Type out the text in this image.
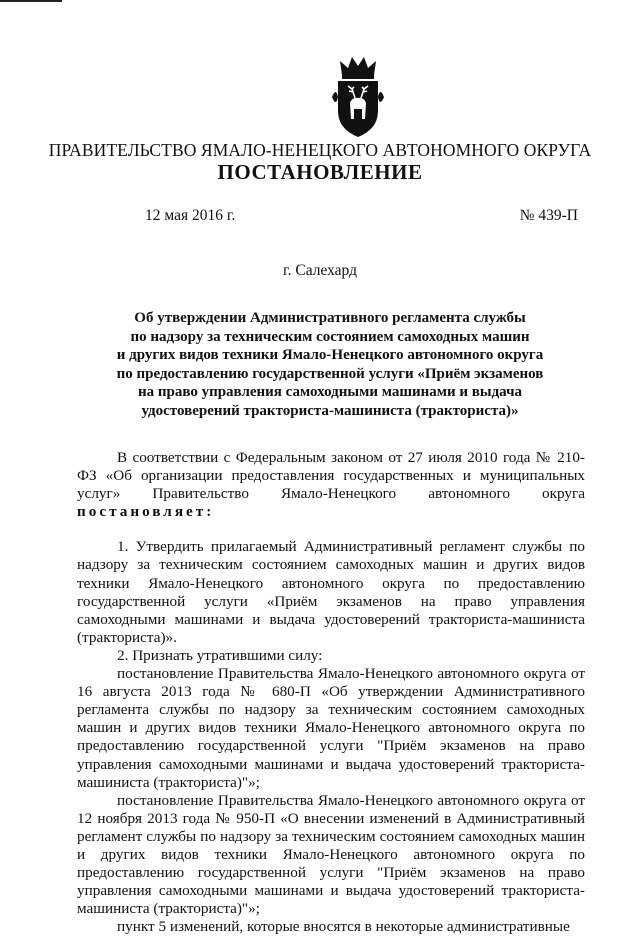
ПРАВИТЕЛЬСТВО ЯМАЛО-НЕНЕЦКОГО АВТОНОМНОГО ОКРУГА
ПОСТАНОВЛЕНИЕ
12 мая 2016 г.	№ 439-П
г. Салехард
Об утверждении Административного регламента службы
по надзору за техническим состоянием самоходных машин
и других видов техники Ямало-Ненецкого автономного округа
по предоставлению государственной услуги «Приём экзаменов
на право управления самоходными машинами и выдача
удостоверений тракториста-машиниста (тракториста)»

В соответствии с Федеральным законом от 27 июля 2010 года № 210-ФЗ «Об организации предоставления государственных и муниципальных услуг» Правительство Ямало-Ненецкого автономного округа постановляет:

1. Утвердить прилагаемый Административный регламент службы по надзору за техническим состоянием самоходных машин и других видов техники Ямало-Ненецкого автономного округа по предоставлению государственной услуги «Приём экзаменов на право управления самоходными машинами и выдача удостоверений тракториста-машиниста (тракториста)».

2. Признать утратившими силу:

постановление Правительства Ямало-Ненецкого автономного округа от 16 августа 2013 года № 680-П «Об утверждении Административного регламента службы по надзору за техническим состоянием самоходных машин и других видов техники Ямало-Ненецкого автономного округа по предоставлению государственной услуги "Приём экзаменов на право управления самоходными машинами и выдача удостоверений тракториста-машиниста (тракториста)"»;

постановление Правительства Ямало-Ненецкого автономного округа от 12 ноября 2013 года № 950-П «О внесении изменений в Административный регламент службы по надзору за техническим состоянием самоходных машин и других видов техники Ямало-Ненецкого автономного округа по предоставлению государственной услуги "Приём экзаменов на право управления самоходными машинами и выдача удостоверений тракториста-машиниста (тракториста)"»;

пункт 5 изменений, которые вносятся в некоторые административные
